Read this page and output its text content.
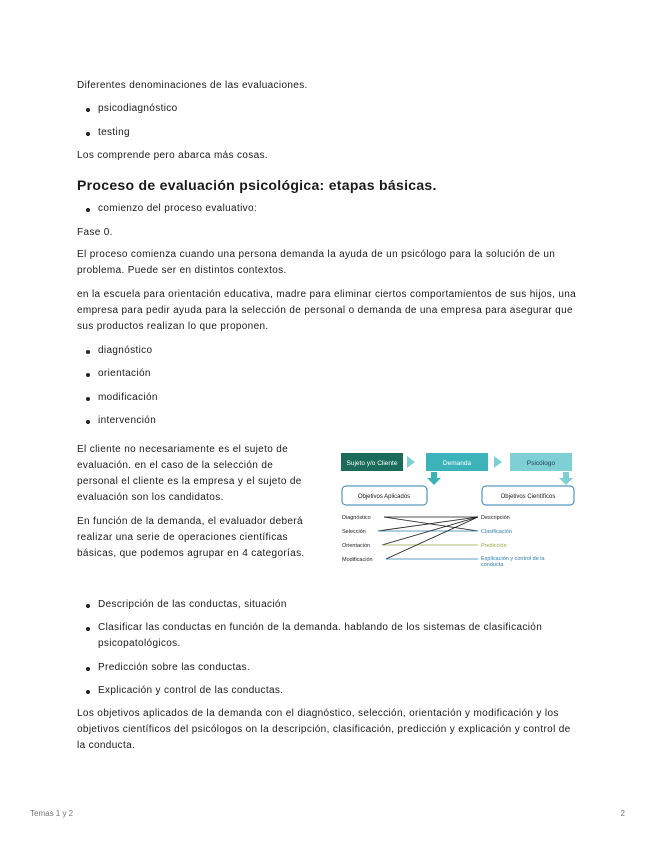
Diferentes denominaciones de las evaluaciones.
psicodiagnóstico
testing
Los comprende pero abarca más cosas.
Proceso de evaluación psicológica: etapas básicas.
comienzo del proceso evaluativo:
Fase 0.
El proceso comienza cuando una persona demanda la ayuda de un psicólogo para la solución de un problema. Puede ser en distintos contextos.
en la escuela para orientación educativa, madre para eliminar ciertos comportamientos de sus hijos, una empresa para pedir ayuda para la selección de personal o demanda de una empresa para asegurar que sus productos realizan lo que proponen.
diagnóstico
orientación
modificación
intervención
El cliente no necesariamente es el sujeto de evaluación. en el caso de la selección de personal el cliente es la empresa y el sujeto de evaluación son los candidatos.
En función de la demanda, el evaluador deberá realizar una serie de operaciones científicas básicas, que podemos agrupar en 4 categorías.
Sujeto y/o Cliente	Demanda	Psicólogo
Objetivos Aplicados	Objetivos Científicos
Diagnóstico
Selección
Orientación
Modificación
Descripción
Clasificación
Predicción
Explicación y control de la conducta
Descripción de las conductas, situación
Clasificar las conductas en función de la demanda. hablando de los sistemas de clasificación psicopatológicos.
Predicción sobre las conductas.
Explicación y control de las conductas.
Los objetivos aplicados de la demanda con el diagnóstico, selección, orientación y modificación y los objetivos científicos del psicólogos on la descripción, clasificación, predicción y explicación y control de la conducta.
Temas 1 y 2	2
